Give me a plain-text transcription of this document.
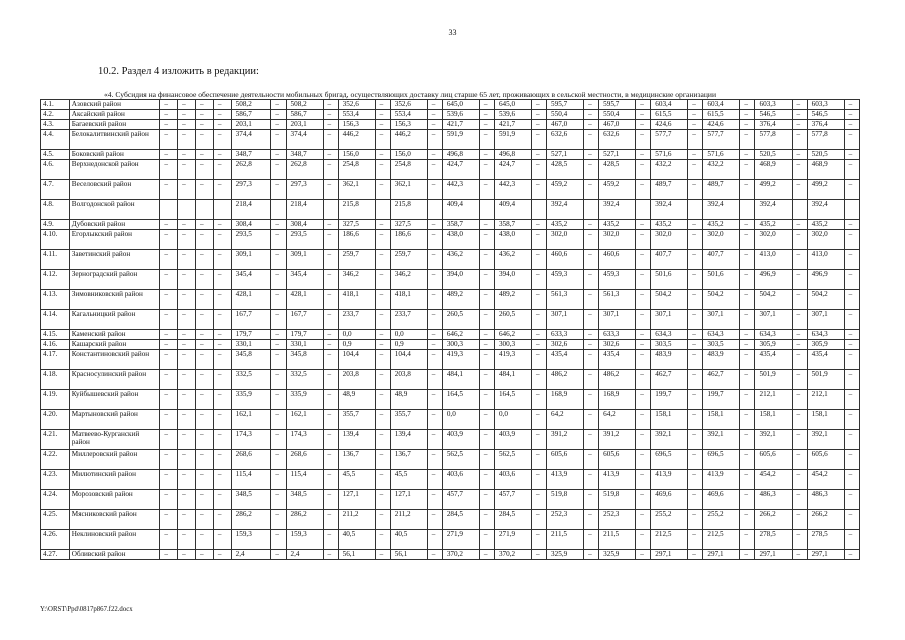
33
10.2. Раздел 4 изложить в редакции:
«4. Субсидия на финансовое обеспечение деятельности мобильных бригад, осуществляющих доставку лиц старше 65 лет, проживающих в сельской местности, в медицинские организации
4.1.	Азовский район	–	–	–	–	508,2	–	508,2	–	352,6	–	352,6	–	645,0	–	645,0	–	595,7	–	595,7	–	603,4	–	603,4	–	603,3	–	603,3	–
4.2.	Аксайский район	–	–	–	–	586,7	–	586,7	–	553,4	–	553,4	–	539,6	–	539,6	–	550,4	–	550,4	–	615,5	–	615,5	–	546,5	–	546,5	–
4.3.	Багаевский район	–	–	–	–	203,1	–	203,1	–	156,3	–	156,3	–	421,7	–	421,7	–	467,0	–	467,0	–	424,6	–	424,6	–	376,4	–	376,4	–
4.4.	Белокалитвинский район	–	–	–	–	374,4	–	374,4	–	446,2	–	446,2	–	591,9	–	591,9	–	632,6	–	632,6	–	577,7	–	577,7	–	577,8	–	577,8	–
4.5.	Боковский район	–	–	–	–	348,7	–	348,7	–	156,0	–	156,0	–	496,8	–	496,8	–	527,1	–	527,1	–	571,6	–	571,6	–	520,5	–	520,5	–
4.6.	Верхнедонской район	–	–	–	–	262,8	–	262,8	–	254,8	–	254,8	–	424,7	–	424,7	–	428,5	–	428,5	–	432,2	–	432,2	–	468,9	–	468,9	–
4.7.	Веселовский район	–	–	–	–	297,3	–	297,3	–	362,1	–	362,1	–	442,3	–	442,3	–	459,2	–	459,2	–	489,7	–	489,7	–	499,2	–	499,2	–
4.8.	Волгодонской район					218,4		218,4		215,8		215,8		409,4		409,4		392,4		392,4		392,4		392,4		392,4		392,4	
4.9.	Дубовский район	–	–	–	–	308,4	–	308,4	–	327,5	–	327,5	–	358,7	–	358,7	–	435,2	–	435,2	–	435,2	–	435,2	–	435,2	–	435,2	–
4.10.	Егорлыкский район	–	–	–	–	293,5	–	293,5	–	186,6	–	186,6	–	438,0	–	438,0	–	302,0	–	302,0	–	302,0	–	302,0	–	302,0	–	302,0	–
4.11.	Заветинский район	–	–	–	–	309,1	–	309,1	–	259,7	–	259,7	–	436,2	–	436,2	–	460,6	–	460,6	–	407,7	–	407,7	–	413,0	–	413,0	–
4.12.	Зерноградский район	–	–	–	–	345,4	–	345,4	–	346,2	–	346,2	–	394,0	–	394,0	–	459,3	–	459,3	–	501,6	–	501,6	–	496,9	–	496,9	–
4.13.	Зимовниковский район	–	–	–	–	428,1	–	428,1	–	418,1	–	418,1	–	489,2	–	489,2	–	561,3	–	561,3	–	504,2	–	504,2	–	504,2	–	504,2	–
4.14.	Кагальницкий район	–	–	–	–	167,7	–	167,7	–	233,7	–	233,7	–	260,5	–	260,5	–	307,1	–	307,1	–	307,1	–	307,1	–	307,1	–	307,1	–
4.15.	Каменский район	–	–	–	–	179,7	–	179,7	–	0,0	–	0,0	–	646,2	–	646,2	–	633,3	–	633,3	–	634,3	–	634,3	–	634,3	–	634,3	–
4.16.	Кашарский район	–	–	–	–	330,1	–	330,1	–	0,9	–	0,9	–	300,3	–	300,3	–	302,6	–	302,6	–	303,5	–	303,5	–	305,9	–	305,9	–
4.17.	Константиновский район	–	–	–	–	345,8	–	345,8	–	104,4	–	104,4	–	419,3	–	419,3	–	435,4	–	435,4	–	483,9	–	483,9	–	435,4	–	435,4	–
4.18.	Красносулинский район	–	–	–	–	332,5	–	332,5	–	203,8	–	203,8	–	484,1	–	484,1	–	486,2	–	486,2	–	462,7	–	462,7	–	501,9	–	501,9	–
4.19.	Куйбышевский район	–	–	–	–	335,9	–	335,9	–	48,9	–	48,9	–	164,5	–	164,5	–	168,9	–	168,9	–	199,7	–	199,7	–	212,1	–	212,1	–
4.20.	Мартыновский район	–	–	–	–	162,1	–	162,1	–	355,7	–	355,7	–	0,0	–	0,0	–	64,2	–	64,2	–	158,1	–	158,1	–	158,1	–	158,1	–
4.21.	Матвеево-Курганский район	–	–	–	–	174,3	–	174,3	–	139,4	–	139,4	–	403,9	–	403,9	–	391,2	–	391,2	–	392,1	–	392,1	–	392,1	–	392,1	–
4.22.	Миллеровский район	–	–	–	–	268,6	–	268,6	–	136,7	–	136,7	–	562,5	–	562,5	–	605,6	–	605,6	–	696,5	–	696,5	–	605,6	–	605,6	–
4.23.	Милютинский район	–	–	–	–	115,4	–	115,4	–	45,5	–	45,5	–	403,6	–	403,6	–	413,9	–	413,9	–	413,9	–	413,9	–	454,2	–	454,2	–
4.24.	Морозовский район	–	–	–	–	348,5	–	348,5	–	127,1	–	127,1	–	457,7	–	457,7	–	519,8	–	519,8	–	469,6	–	469,6	–	486,3	–	486,3	–
4.25.	Мясниковский район	–	–	–	–	286,2	–	286,2	–	211,2	–	211,2	–	284,5	–	284,5	–	252,3	–	252,3	–	255,2	–	255,2	–	266,2	–	266,2	–
4.26.	Неклиновский район	–	–	–	–	159,3	–	159,3	–	40,5	–	40,5	–	271,9	–	271,9	–	211,5	–	211,5	–	212,5	–	212,5	–	278,5	–	278,5	–
4.27.	Обливский район	–	–	–	–	2,4	–	2,4	–	56,1	–	56,1	–	370,2	–	370,2	–	325,9	–	325,9	–	297,1	–	297,1	–	297,1	–	297,1	–
Y:\ORST\Ppd\0817p867.f22.docx
